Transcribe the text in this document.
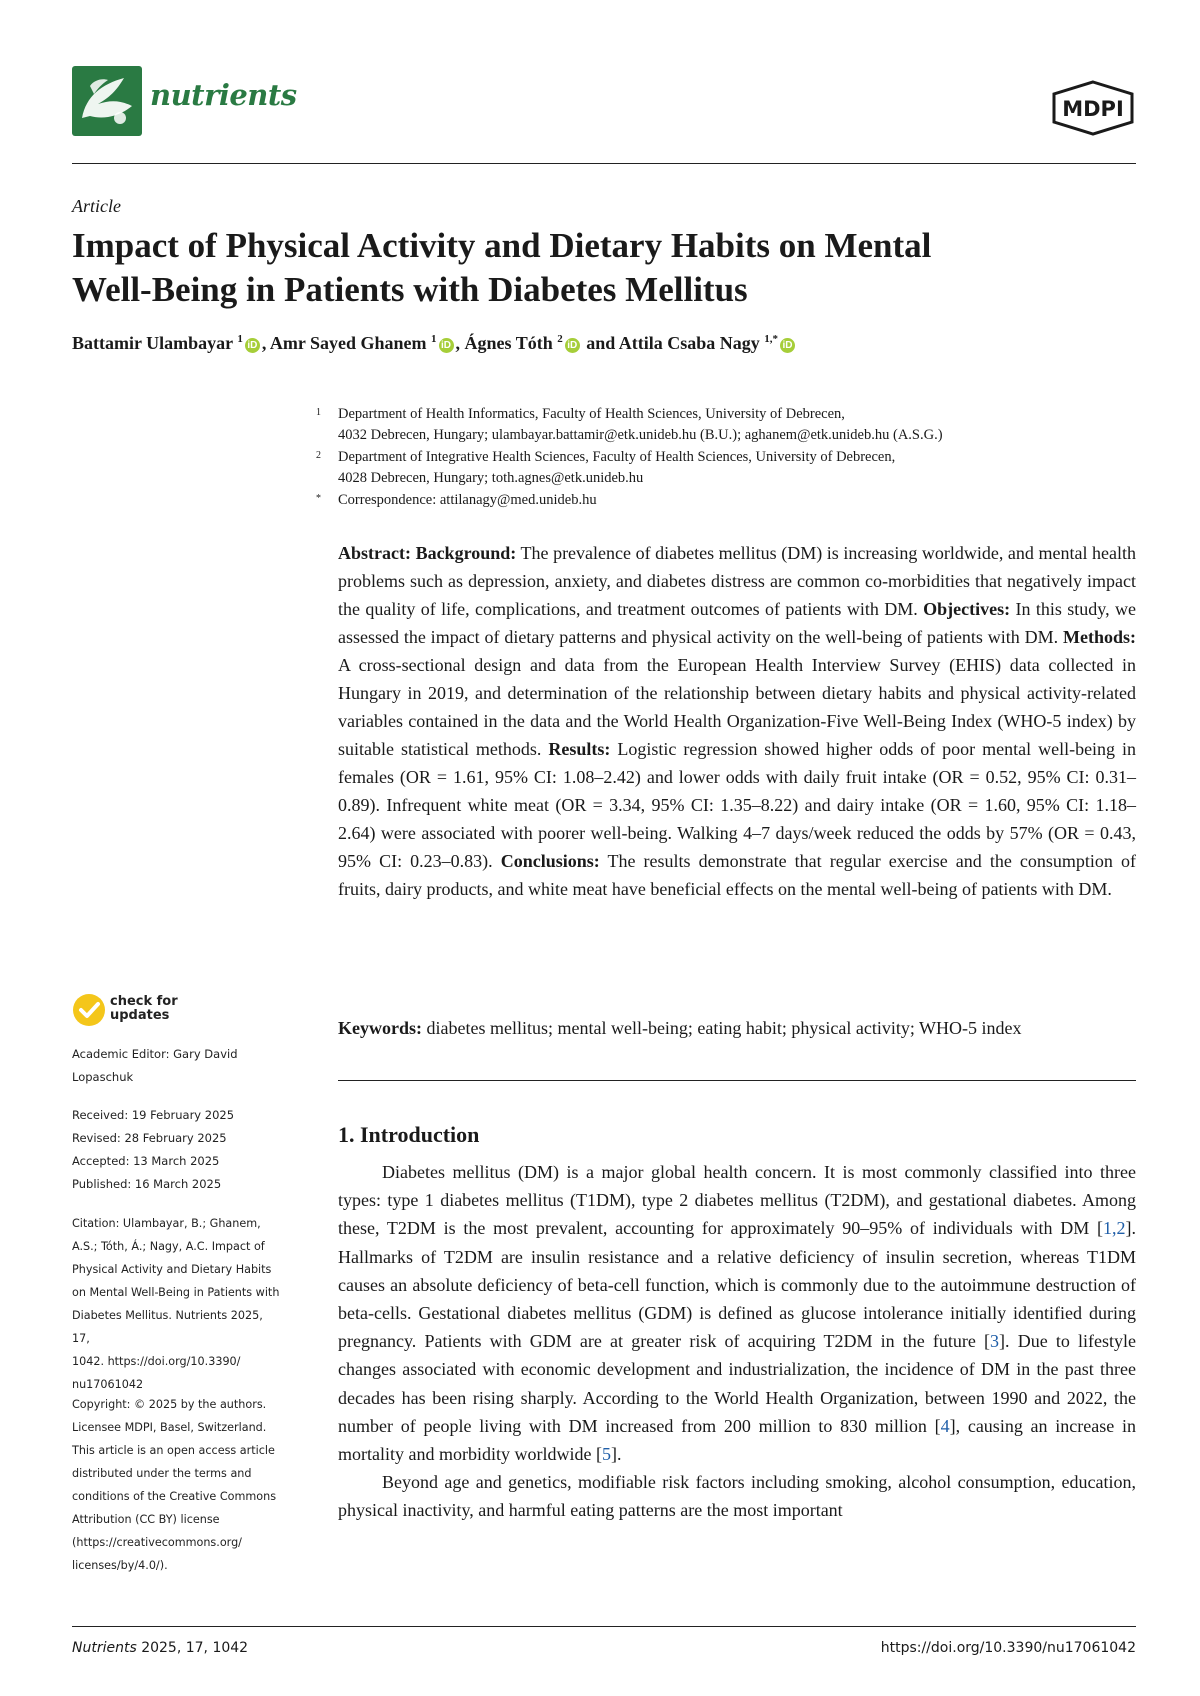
nutrients	MDPI
Article
Impact of Physical Activity and Dietary Habits on Mental
Well-Being in Patients with Diabetes Mellitus
Battamir Ulambayar $^1$iD , Amr Sayed Ghanem $^1$iD , Ágnes Tóth $^2$iD and Attila Csaba Nagy $^{1,*}$iD
1 Department of Health Informatics, Faculty of Health Sciences, University of Debrecen,
4032 Debrecen, Hungary; ulambayar.battamir@etk.unideb.hu (B.U.); aghanem@etk.unideb.hu (A.S.G.)
2 Department of Integrative Health Sciences, Faculty of Health Sciences, University of Debrecen,
4028 Debrecen, Hungary; toth.agnes@etk.unideb.hu
* Correspondence: attilanagy@med.unideb.hu

Abstract: Background: The prevalence of diabetes mellitus (DM) is increasing worldwide, and mental health problems such as depression, anxiety, and diabetes distress are common co-morbidities that negatively impact the quality of life, complications, and treatment outcomes of patients with DM. Objectives: In this study, we assessed the impact of dietary patterns and physical activity on the well-being of patients with DM. Methods: A cross-sectional design and data from the European Health Interview Survey (EHIS) data collected in Hungary in 2019, and determination of the relationship between dietary habits and physical activity-related variables contained in the data and the World Health Organization-Five Well-Being Index (WHO-5 index) by suitable statistical methods. Results: Logistic regression showed higher odds of poor mental well-being in females (OR = 1.61, 95% CI: 1.08–2.42) and lower odds with daily fruit intake (OR = 0.52, 95% CI: 0.31–0.89). Infrequent white meat (OR = 3.34, 95% CI: 1.35–8.22) and dairy intake (OR = 1.60, 95% CI: 1.18–2.64) were associated with poorer well-being. Walking 4–7 days/week reduced the odds by 57% (OR = 0.43, 95% CI: 0.23–0.83). Conclusions: The results demonstrate that regular exercise and the consumption of fruits, dairy products, and white meat have beneficial effects on the mental well-being of patients with DM.

Keywords: diabetes mellitus; mental well-being; eating habit; physical activity; WHO-5 index
1. Introduction

Diabetes mellitus (DM) is a major global health concern. It is most commonly classified into three types: type 1 diabetes mellitus (T1DM), type 2 diabetes mellitus (T2DM), and gestational diabetes. Among these, T2DM is the most prevalent, accounting for approximately 90–95% of individuals with DM [1,2]. Hallmarks of T2DM are insulin resistance and a relative deficiency of insulin secretion, whereas T1DM causes an absolute deficiency of beta-cell function, which is commonly due to the autoimmune destruction of beta-cells. Gestational diabetes mellitus (GDM) is defined as glucose intolerance initially identified during pregnancy. Patients with GDM are at greater risk of acquiring T2DM in the future [3]. Due to lifestyle changes associated with economic development and industrialization, the incidence of DM in the past three decades has been rising sharply. According to the World Health Organization, between 1990 and 2022, the number of people living with DM increased from 200 million to 830 million [4], causing an increase in mortality and morbidity worldwide [5].

Beyond age and genetics, modifiable risk factors including smoking, alcohol consumption, education, physical inactivity, and harmful eating patterns are the most important

check for
updates
Academic Editor: Gary David
Lopaschuk
Received: 19 February 2025
Revised: 28 February 2025
Accepted: 13 March 2025
Published: 16 March 2025
Citation: Ulambayar, B.; Ghanem,
A.S.; Tóth, Á.; Nagy, A.C. Impact of
Physical Activity and Dietary Habits
on Mental Well-Being in Patients with
Diabetes Mellitus. Nutrients 2025, 17,
1042. https://doi.org/10.3390/
nu17061042
Copyright: © 2025 by the authors.
Licensee MDPI, Basel, Switzerland.
This article is an open access article
distributed under the terms and
conditions of the Creative Commons
Attribution (CC BY) license
(https://creativecommons.org/
licenses/by/4.0/).
Nutrients 2025, 17, 1042	https://doi.org/10.3390/nu17061042
